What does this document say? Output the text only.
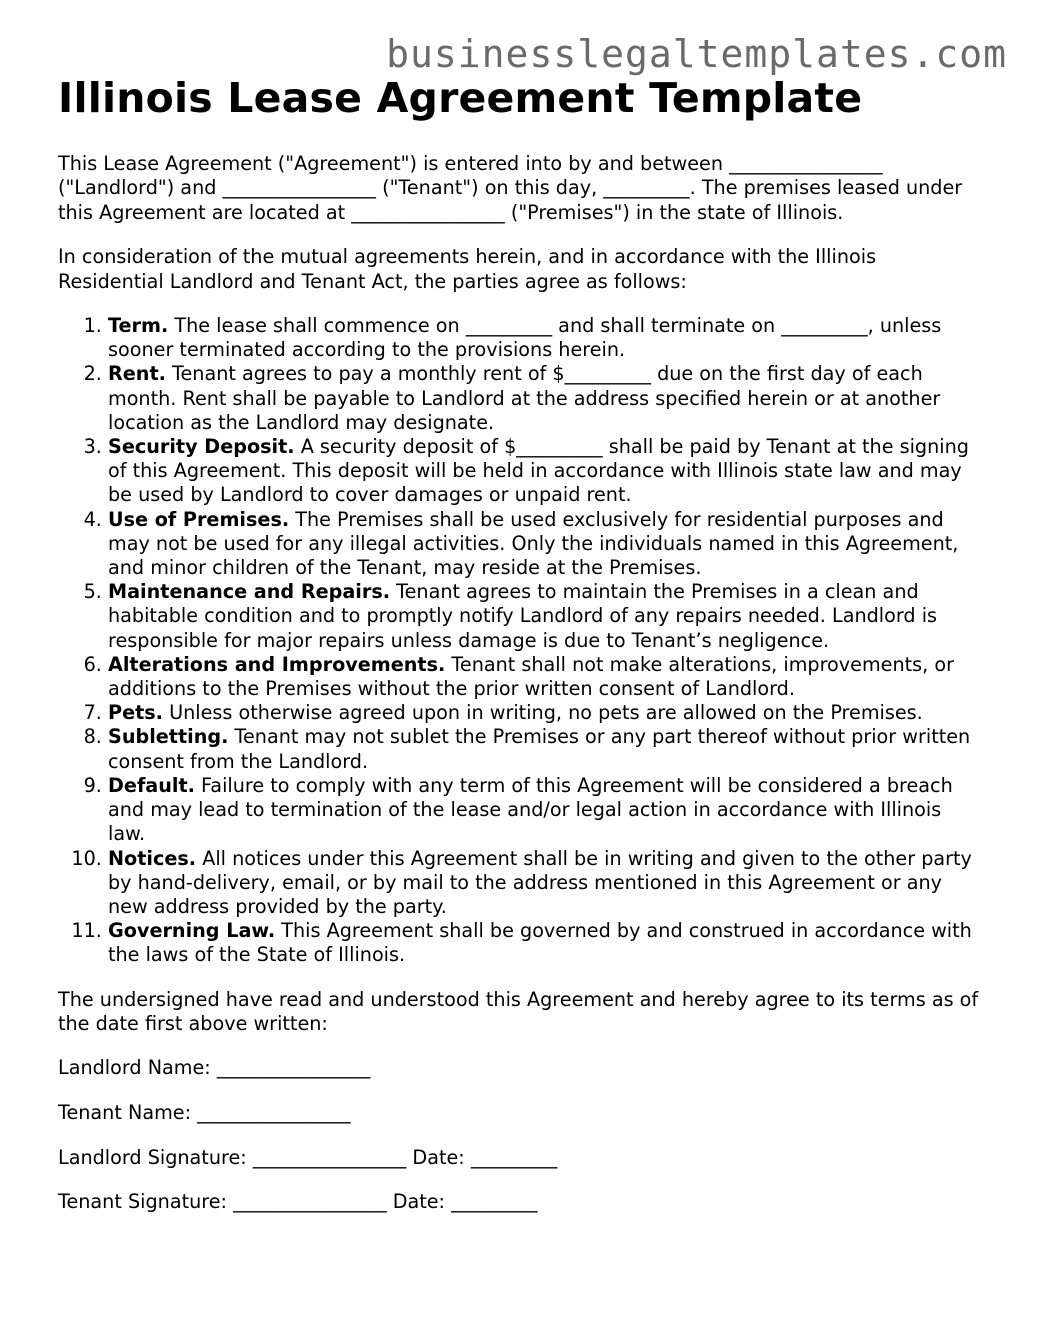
businesslegaltemplates.com
Illinois Lease Agreement Template

This Lease Agreement ("Agreement") is entered into by and between ________________ ("Landlord") and ________________ ("Tenant") on this day, _________. The premises leased under this Agreement are located at ________________ ("Premises") in the state of Illinois.

In consideration of the mutual agreements herein, and in accordance with the Illinois Residential Landlord and Tenant Act, the parties agree as follows:

1. Term. The lease shall commence on _________ and shall terminate on _________, unless sooner terminated according to the provisions herein.
2. Rent. Tenant agrees to pay a monthly rent of $_________ due on the first day of each month. Rent shall be payable to Landlord at the address specified herein or at another location as the Landlord may designate.
3. Security Deposit. A security deposit of $_________ shall be paid by Tenant at the signing of this Agreement. This deposit will be held in accordance with Illinois state law and may be used by Landlord to cover damages or unpaid rent.
4. Use of Premises. The Premises shall be used exclusively for residential purposes and may not be used for any illegal activities. Only the individuals named in this Agreement, and minor children of the Tenant, may reside at the Premises.
5. Maintenance and Repairs. Tenant agrees to maintain the Premises in a clean and habitable condition and to promptly notify Landlord of any repairs needed. Landlord is responsible for major repairs unless damage is due to Tenant’s negligence.
6. Alterations and Improvements. Tenant shall not make alterations, improvements, or additions to the Premises without the prior written consent of Landlord.
7. Pets. Unless otherwise agreed upon in writing, no pets are allowed on the Premises.
8. Subletting. Tenant may not sublet the Premises or any part thereof without prior written consent from the Landlord.
9. Default. Failure to comply with any term of this Agreement will be considered a breach and may lead to termination of the lease and/or legal action in accordance with Illinois law.
10. Notices. All notices under this Agreement shall be in writing and given to the other party by hand-delivery, email, or by mail to the address mentioned in this Agreement or any new address provided by the party.
11. Governing Law. This Agreement shall be governed by and construed in accordance with the laws of the State of Illinois.

The undersigned have read and understood this Agreement and hereby agree to its terms as of the date first above written:

Landlord Name: ________________
Tenant Name: ________________
Landlord Signature: ________________ Date: _________
Tenant Signature: ________________ Date: _________
